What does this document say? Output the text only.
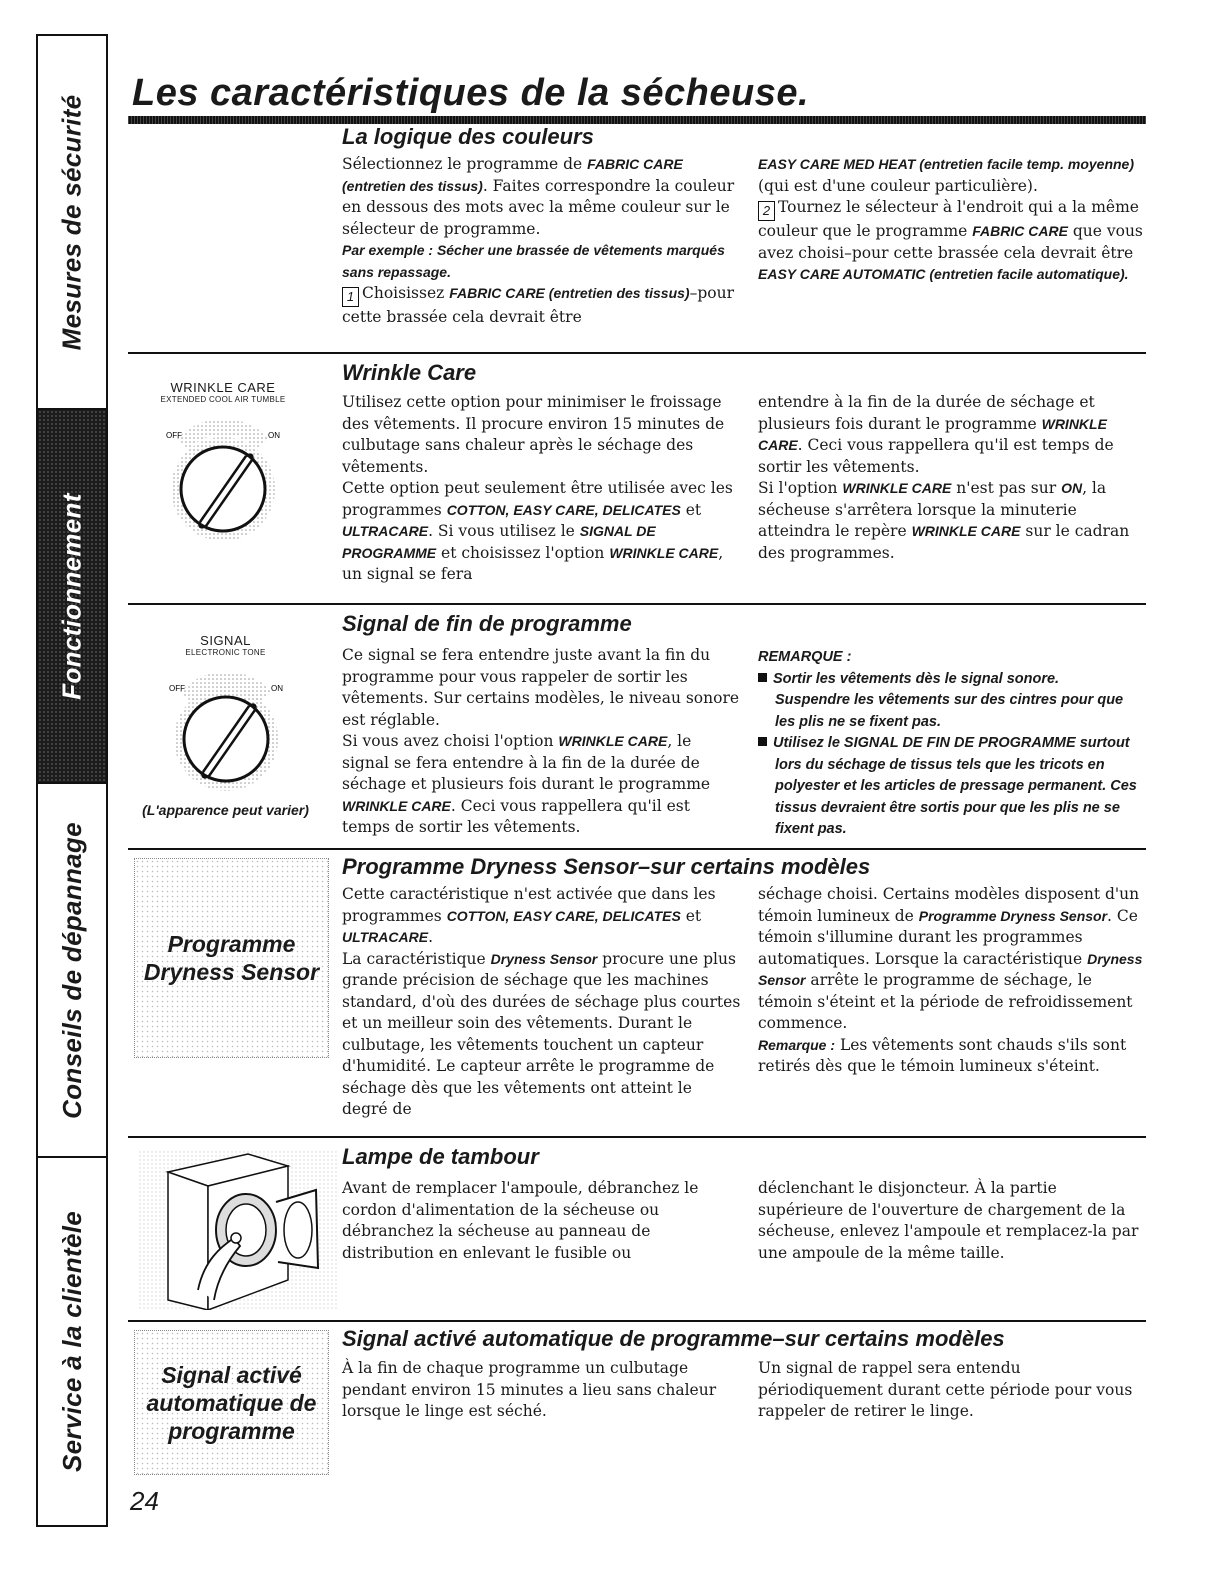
Mesures de sécurité
Fonctionnement
Conseils de dépannage
Service à la clientèle
Les caractéristiques de la sécheuse.
La logique des couleurs

Sélectionnez le programme de FABRIC CARE (entretien des tissus). Faites correspondre la couleur en dessous des mots avec la même couleur sur le sélecteur de programme.

Par exemple : Sécher une brassée de vêtements marqués sans repassage.

1 Choisissez FABRIC CARE (entretien des tissus)–pour cette brassée cela devrait être

EASY CARE MED HEAT (entretien facile temp. moyenne) (qui est d'une couleur particulière).

2 Tournez le sélecteur à l'endroit qui a la même couleur que le programme FABRIC CARE que vous avez choisi–pour cette brassée cela devrait être EASY CARE AUTOMATIC (entretien facile automatique).

Wrinkle Care
WRINKLE CARE
EXTENDED COOL AIR TUMBLE
OFF	ON

Utilisez cette option pour minimiser le froissage des vêtements. Il procure environ 15 minutes de culbutage sans chaleur après le séchage des vêtements.

Cette option peut seulement être utilisée avec les programmes COTTON, EASY CARE, DELICATES et ULTRACARE. Si vous utilisez le SIGNAL DE PROGRAMME et choisissez l'option WRINKLE CARE, un signal se fera

entendre à la fin de la durée de séchage et plusieurs fois durant le programme WRINKLE CARE. Ceci vous rappellera qu'il est temps de sortir les vêtements.

Si l'option WRINKLE CARE n'est pas sur ON, la sécheuse s'arrêtera lorsque la minuterie atteindra le repère WRINKLE CARE sur le cadran des programmes.

Signal de fin de programme
SIGNAL
ELECTRONIC TONE
OFF	ON
(L'apparence peut varier)

Ce signal se fera entendre juste avant la fin du programme pour vous rappeler de sortir les vêtements. Sur certains modèles, le niveau sonore est réglable.

Si vous avez choisi l'option WRINKLE CARE, le signal se fera entendre à la fin de la durée de séchage et plusieurs fois durant le programme WRINKLE CARE. Ceci vous rappellera qu'il est temps de sortir les vêtements.

REMARQUE :

Sortir les vêtements dès le signal sonore.
Suspendre les vêtements sur des cintres pour que les plis ne se fixent pas.

Utilisez le SIGNAL DE FIN DE PROGRAMME surtout lors du séchage de tissus tels que les tricots en polyester et les articles de pressage permanent. Ces tissus devraient être sortis pour que les plis ne se fixent pas.

Programme Dryness Sensor–sur certains modèles
Programme
Dryness Sensor

Cette caractéristique n'est activée que dans les programmes COTTON, EASY CARE, DELICATES et ULTRACARE.

La caractéristique Dryness Sensor procure une plus grande précision de séchage que les machines standard, d'où des durées de séchage plus courtes et un meilleur soin des vêtements. Durant le culbutage, les vêtements touchent un capteur d'humidité. Le capteur arrête le programme de séchage dès que les vêtements ont atteint le degré de

séchage choisi. Certains modèles disposent d'un témoin lumineux de Programme Dryness Sensor. Ce témoin s'illumine durant les programmes automatiques. Lorsque la caractéristique Dryness Sensor arrête le programme de séchage, le témoin s'éteint et la période de refroidissement commence.

Remarque : Les vêtements sont chauds s'ils sont retirés dès que le témoin lumineux s'éteint.

Lampe de tambour

Avant de remplacer l'ampoule, débranchez le cordon d'alimentation de la sécheuse ou débranchez la sécheuse au panneau de distribution en enlevant le fusible ou

déclenchant le disjoncteur. À la partie supérieure de l'ouverture de chargement de la sécheuse, enlevez l'ampoule et remplacez-la par une ampoule de la même taille.

Signal activé automatique de programme–sur certains modèles
Signal activé
automatique de
programme

À la fin de chaque programme un culbutage pendant environ 15 minutes a lieu sans chaleur lorsque le linge est séché.

Un signal de rappel sera entendu périodiquement durant cette période pour vous rappeler de retirer le linge.

24
